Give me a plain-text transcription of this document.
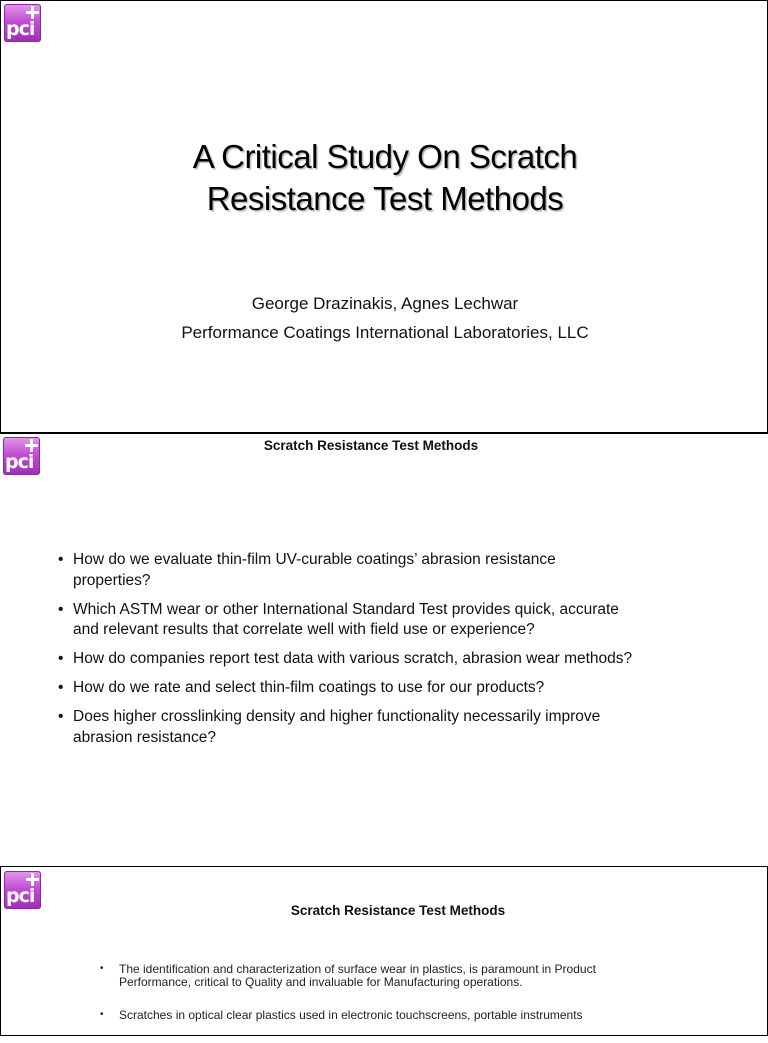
pci
A Critical Study On Scratch
Resistance Test Methods
George Drazinakis, Agnes Lechwar
Performance Coatings International Laboratories, LLC
pci
Scratch Resistance Test Methods
• How do we evaluate thin-film UV-curable coatings’ abrasion resistance
properties?
• Which ASTM wear or other International Standard Test provides quick, accurate
and relevant results that correlate well with field use or experience?
• How do companies report test data with various scratch, abrasion wear methods?
• How do we rate and select thin-film coatings to use for our products?
• Does higher crosslinking density and higher functionality necessarily improve
abrasion resistance?
pci
Scratch Resistance Test Methods
• The identification and characterization of surface wear in plastics, is paramount in Product
Performance, critical to Quality and invaluable for Manufacturing operations.
• Scratches in optical clear plastics used in electronic touchscreens, portable instruments
